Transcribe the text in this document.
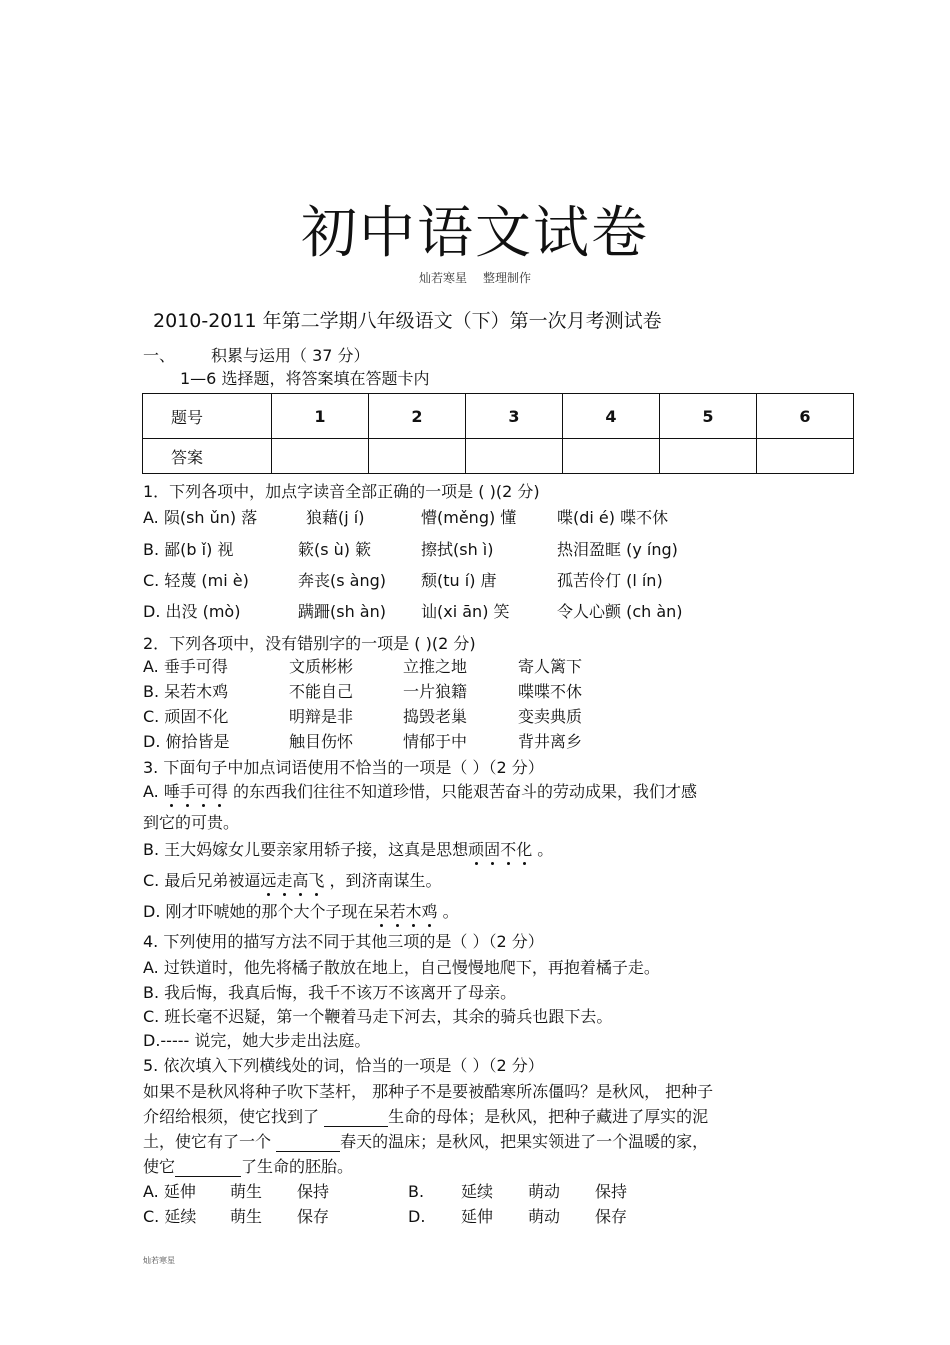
初中语文试卷
灿若寒星 整理制作
2010-2011 年第二学期八年级语文（下）第一次月考测试卷
一、 积累与运用（ 37 分）
1—6 选择题，将答案填在答题卡内
题号	1	2	3	4	5	6
答案						
1．下列各项中，加点字读音全部正确的一项是 ( )(2 分)
A. 陨(sh ǔn) 落	狼藉(j í)	懵(měng) 懂	喋(di é) 喋不休
B. 鄙(b ǐ) 视	簌(s ù) 簌	擦拭(sh ì)	热泪盈眶 (y íng)
C. 轻蔑 (mi è)	奔丧(s àng) 颓(tu í) 唐	孤苦伶仃 (l ín)
D. 出没 (mò)	蹒跚(sh àn) 讪(xi ān) 笑	令人心颤 (ch àn)
2．下列各项中，没有错别字的一项是 ( )(2 分)
A. 垂手可得	文质彬彬	立推之地	寄人篱下
B. 呆若木鸡	不能自己	一片狼籍	喋喋不休
C. 顽固不化	明辩是非	捣毁老巢	变卖典质
D. 俯拾皆是	触目伤怀	情郁于中	背井离乡
3. 下面句子中加点词语使用不恰当的一项是（ ）（2 分）
A. 唾手可得 的东西我们往往不知道珍惜，只能艰苦奋斗的劳动成果，我们才感
到它的可贵。
B. 王大妈嫁女儿要亲家用轿子接，这真是思想顽固不化 。
C. 最后兄弟被逼远走高飞 ，到济南谋生。
D. 刚才吓唬她的那个大个子现在呆若木鸡 。
4. 下列使用的描写方法不同于其他三项的是（ ）（2 分）
A. 过铁道时，他先将橘子散放在地上，自己慢慢地爬下，再抱着橘子走。
B. 我后悔，我真后悔，我千不该万不该离开了母亲。
C. 班长毫不迟疑，第一个鞭着马走下河去，其余的骑兵也跟下去。
D.----- 说完，她大步走出法庭。
5. 依次填入下列横线处的词，恰当的一项是（ ）（2 分）
如果不是秋风将种子吹下茎杆， 那种子不是要被酷寒所冻僵吗？是秋风， 把种子
介绍给根须，使它找到了	生命的母体；是秋风，把种子藏进了厚实的泥
土，使它有了一个	春天的温床；是秋风，把果实领进了一个温暖的家，
使它	了生命的胚胎。
A. 延伸 萌生 保持	B. 延续 萌动 保持
C. 延续 萌生 保存	D. 延伸 萌动 保存
灿若寒星
